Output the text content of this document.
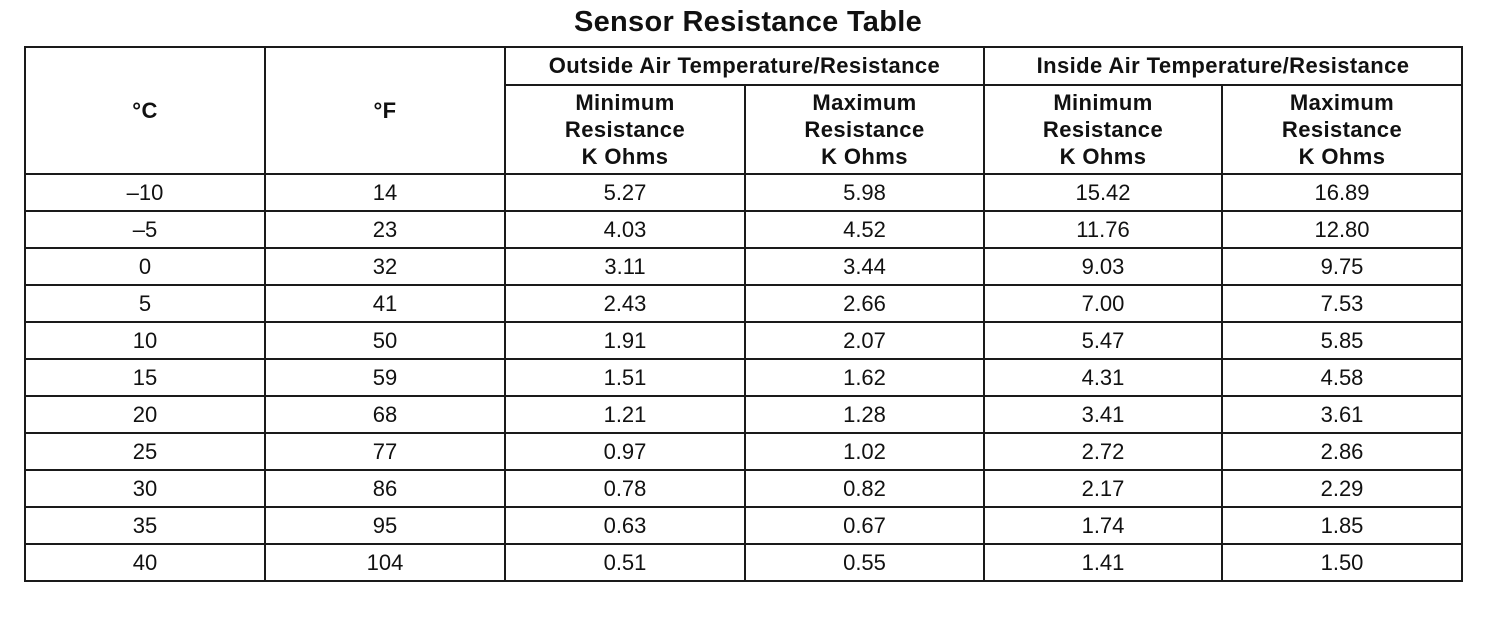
Sensor Resistance Table
°C	°F	Outside Air Temperature/Resistance		Inside Air Temperature/Resistance	

		Minimum
Resistance
K Ohms	Maximum
Resistance
K Ohms	Minimum
Resistance
K Ohms	Maximum
Resistance
K Ohms

–10	14	5.27	5.98	15.42	16.89
–5	23	4.03	4.52	11.76	12.80
0	32	3.11	3.44	9.03	9.75
5	41	2.43	2.66	7.00	7.53
10	50	1.91	2.07	5.47	5.85
15	59	1.51	1.62	4.31	4.58
20	68	1.21	1.28	3.41	3.61
25	77	0.97	1.02	2.72	2.86
30	86	0.78	0.82	2.17	2.29
35	95	0.63	0.67	1.74	1.85
40	104	0.51	0.55	1.41	1.50
